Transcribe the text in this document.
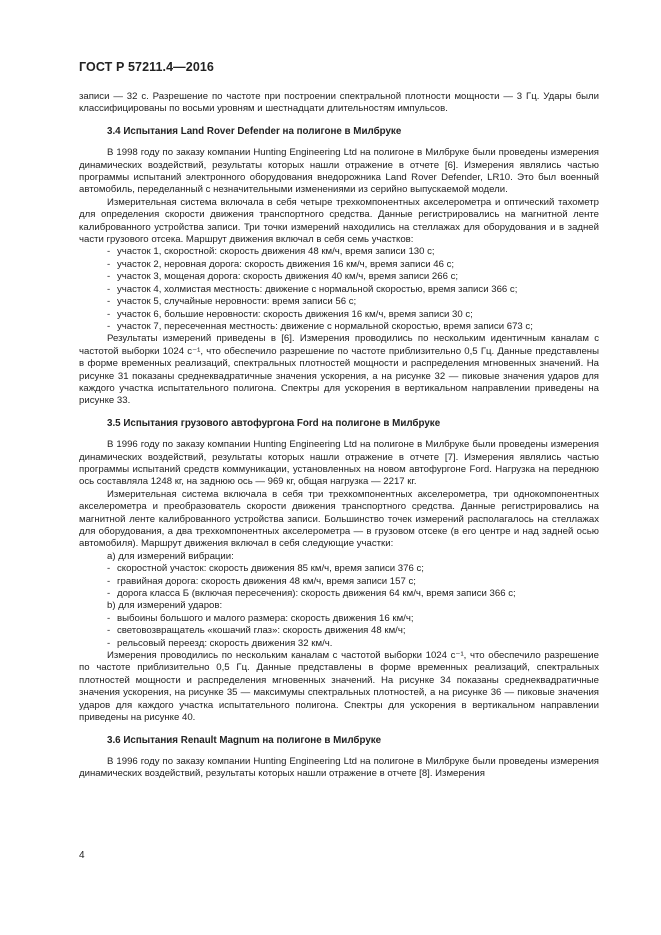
ГОСТ Р 57211.4—2016

записи — 32 с. Разрешение по частоте при построении спектральной плотности мощности — 3 Гц. Удары были классифицированы по восьми уровням и шестнадцати длительностям импульсов.

3.4 Испытания Land Rover Defender на полигоне в Милбруке

В 1998 году по заказу компании Hunting Engineering Ltd на полигоне в Милбруке были проведены измерения динамических воздействий, результаты которых нашли отражение в отчете [6]. Измерения являлись частью программы испытаний электронного оборудования внедорожника Land Rover Defender, LR10. Это был военный автомобиль, переделанный с незначительными изменениями из серийно выпускаемой модели.

Измерительная система включала в себя четыре трехкомпонентных акселерометра и оптический тахометр для определения скорости движения транспортного средства. Данные регистрировались на магнитной ленте калиброванного устройства записи. Три точки измерений находились на стеллажах для оборудования и в задней части грузового отсека. Маршрут движения включал в себя семь участков:

- участок 1, скоростной: скорость движения 48 км/ч, время записи 130 с;

- участок 2, неровная дорога: скорость движения 16 км/ч, время записи 46 с;

- участок 3, мощеная дорога: скорость движения 40 км/ч, время записи 266 с;

- участок 4, холмистая местность: движение с нормальной скоростью, время записи 366 с;

- участок 5, случайные неровности: время записи 56 с;

- участок 6, большие неровности: скорость движения 16 км/ч, время записи 30 с;

- участок 7, пересеченная местность: движение с нормальной скоростью, время записи 673 с;

Результаты измерений приведены в [6]. Измерения проводились по нескольким идентичным каналам с частотой выборки 1024 с⁻¹, что обеспечило разрешение по частоте приблизительно 0,5 Гц. Данные представлены в форме временных реализаций, спектральных плотностей мощности и распределения мгновенных значений. На рисунке 31 показаны среднеквадратичные значения ускорения, а на рисунке 32 — пиковые значения ударов для каждого участка испытательного полигона. Спектры для ускорения в вертикальном направлении приведены на рисунке 33.

3.5 Испытания грузового автофургона Ford на полигоне в Милбруке

В 1996 году по заказу компании Hunting Engineering Ltd на полигоне в Милбруке были проведены измерения динамических воздействий, результаты которых нашли отражение в отчете [7]. Измерения являлись частью программы испытаний средств коммуникации, установленных на новом автофургоне Ford. Нагрузка на переднюю ось составляла 1248 кг, на заднюю ось — 969 кг, общая нагрузка — 2217 кг.

Измерительная система включала в себя три трехкомпонентных акселерометра, три однокомпонентных акселерометра и преобразователь скорости движения транспортного средства. Данные регистрировались на магнитной ленте калиброванного устройства записи. Большинство точек измерений располагалось на стеллажах для оборудования, а два трехкомпонентных акселерометра — в грузовом отсеке (в его центре и над задней осью автомобиля). Маршрут движения включал в себя следующие участки:

а) для измерений вибрации:

- скоростной участок: скорость движения 85 км/ч, время записи 376 с;

- гравийная дорога: скорость движения 48 км/ч, время записи 157 с;

- дорога класса Б (включая пересечения): скорость движения 64 км/ч, время записи 366 с;

b) для измерений ударов:

- выбоины большого и малого размера: скорость движения 16 км/ч;

- световозвращатель «кошачий глаз»: скорость движения 48 км/ч;

- рельсовый переезд: скорость движения 32 км/ч.

Измерения проводились по нескольким каналам с частотой выборки 1024 с⁻¹, что обеспечило разрешение по частоте приблизительно 0,5 Гц. Данные представлены в форме временных реализаций, спектральных плотностей мощности и распределения мгновенных значений. На рисунке 34 показаны среднеквадратичные значения ускорения, на рисунке 35 — максимумы спектральных плотностей, а на рисунке 36 — пиковые значения ударов для каждого участка испытательного полигона. Спектры для ускорения в вертикальном направлении приведены на рисунке 40.

3.6 Испытания Renault Magnum на полигоне в Милбруке

В 1996 году по заказу компании Hunting Engineering Ltd на полигоне в Милбруке были проведены измерения динамических воздействий, результаты которых нашли отражение в отчете [8]. Измерения

4
